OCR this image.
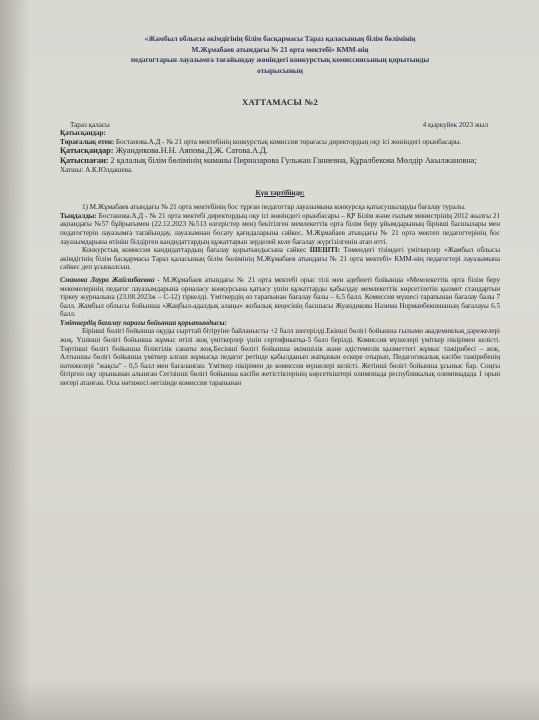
«Жамбыл облысы әкімдігінің білім басқармасы Тараз қаласының білім бөлімінің
М.Жұмабаев атындағы № 21 орта мектебі» КММ-нің
педагогтарын лауазымға тағайындау жөніндегі конкурстық комиссиясының қорытынды
отырысының
ХАТТАМАСЫ №2
Тараз қаласы	4 қыркүйек 2023 жыл

Қатысқандар:

Төрағалық етен: Бостанова.А.Д - № 21 орта мектебінің конкурстық комиссия төрағасы директордың оқу ісі жөніндегі орынбасары.

Қатысқандар: Жуандикова.Н.Н. Аяпова.Д.Ж. Сатова.А.Д.

Қатыспағаи: 2 қалалық білім бөлімінің маманы Пирназарова Гульжан Ганиевна, Құралбекова Мөлдір Акылжановна;

Хатшы: А.К.Юлдашева.

Күн тәртібінде:

1) М.Жұмабаев атындағы № 21 орта мектебінің бос тұрған педагогтар лауазымына конкурсқа қатысушыларды бағалау туралы.

Тыңдалды: Бостанова.А.Д - № 21 орта мектебі директордың оқу ісі жөніндегі орынбасары – ҚР Білім және ғылым министрінің 2012 жылғы 21 ақпандағы №57 бұйрығымен (22.12.2023 №513 өзгерістер мен) бекітілген мемлекеттік орта білім беру ұйымдарының бірінші басшылары мен педагогтерін лауазымға тағайындау, лауазымнан босату қағидаларына сәйкес, М.Жұмабаев атындағы № 21 орта мектеп педагогтерінің бос лауазымдарына өтініш білдірген кандидаттардың құжаттарын зерделей келе бағалау жүргізілгенін атап өтті.

Конкурстық комиссия кандидаттардың бағалау қорытындысына сәйкес ШЕШТІ: Төмендегі тізімдегі үміткерлер «Жамбыл облысы әкімдігінің білім басқармасы Тараз қаласының білім бөлімінің М.Жұмабаев атындағы № 21 орта мектебі» КММ-нің педагогтері лауазымына сәйкес деп ұсынылсын.

Сманова Лаура Жайлибаевна - М.Жұмабаев атындағы № 21 орта мектебі орыс тілі мен әдебиеті бойынша «Мемлекеттік орта білім беру мекемелерінің педагог лауазымдарына орналасу конкурсына қатысу үшін құжаттарды қабылдау мемлекеттік көрсетілетін қызмет стандартын тіркеу журналына (23.08.2023ж – С-12) тіркелді. Үміткердің өз тарапынан бағалау балы – 6.5 балл. Комиссия мүшесі тарапынан бағалау балы 7 балл. Жамбыл облысы бойынша «Жаңбыл-адалдық алаңы» жобалық кеңесінің басшысы Жуандикова Назима Нормаибековнаның бағалауы 6.5 балл.

Үміткердің бағалау парағы бойынша қорытындысы:

Бірінші бөлігі бойынша оқуды сырттай бітіруіне байланысты +2 балл шегерілді.Екінші бөлігі бойынша ғылыми академиялық дәрежелері жоқ. Үшінші бөлігі бойынша жұмыс өтілі жоқ үміткерлер үшін сертификатқа-5 балл берілді. Комиссия мүшелері үміткер пікірімен келісті. Төртінші бөлігі бойынша біліктілік санаты жоқ.Бесінші бөлігі бойынша әкімшілік және әдістемелік қызметтегі жұмыс тәжірибесі – жоқ. Алтыншы бөлігі бойынша үміткер алғаш жұмысқа педагог ретінде қабылданып жатқанын ескере отырып, Педагогикалық кәсіби тәжірибенің нәтижелері "жақсы" - 0,5 балл мен бағаланған. Үміткер пікірімен де комиссия мүшелері келісті. Жетінші бөлігі бойынша ұсыныс бар. Соңғы бітірген оқу орынынан алынған Сегізінші бөлігі бойынша кәсіби жетістіктерінің көрсеткіштері олимпиада республикалық олимпиадада 1 орын иегері атанған. Осы нәтижесі негізінде комиссия тарапынан
